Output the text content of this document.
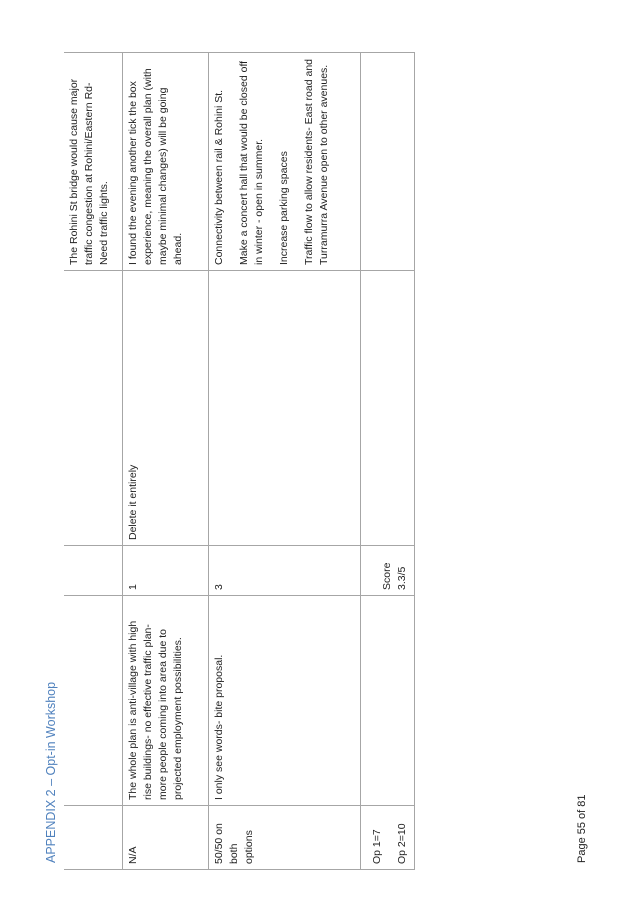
APPENDIX 2 – Opt-in Workshop
				The Rohini St bridge would cause major traffic congestion at Rohini/Eastern Rd- Need traffic lights.
N/A	The whole plan is anti-village with high rise buildings- no effective traffic plan- more people coming into area due to projected employment possibilities.	1	Delete it entirely	I found the evening another tick the box experience, meaning the overall plan (with maybe minimal changes) will be going ahead.
50/50 on both options	I only see words- bite proposal.	3		Connectivity between rail & Rohini St. Make a concert hall that would be closed off in winter - open in summer. Increase parking spaces Traffic flow to allow residents- East road and Turramurra Avenue open to other avenues.

Op 1=7 Op 2=10		Score 3.3/5		

Page 55 of 81
